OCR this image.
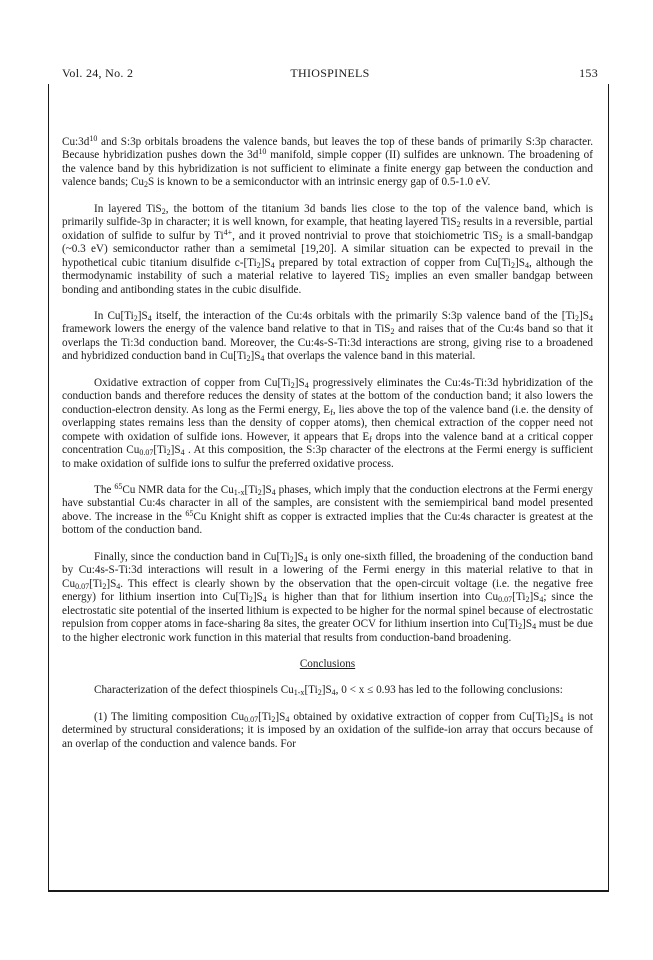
Vol. 24, No. 2	THIOSPINELS	153

$Cu:3d^{10}$ and S:3p orbitals broadens the valence bands, but leaves the top of these bands of primarily S:3p character. Because hybridization pushes down the $3d^{10}$ manifold, simple copper (II) sulfides are unknown. The broadening of the valence band by this hybridization is not sufficient to eliminate a finite energy gap between the conduction and valence bands; $Cu_2S$ is known to be a semiconductor with an intrinsic energy gap of 0.5-1.0 eV.

In layered TiS$_2$, the bottom of the titanium 3d bands lies close to the top of the valence band, which is primarily sulfide-3p in character; it is well known, for example, that heating layered TiS$_2$ results in a reversible, partial oxidation of sulfide to sulfur by $Ti^{4+}$, and it proved nontrivial to prove that stoichiometric TiS$_2$ is a small-bandgap (~0.3 eV) semiconductor rather than a semimetal [19,20]. A similar situation can be expected to prevail in the hypothetical cubic titanium disulfide $c-[Ti_2]S_4$ prepared by total extraction of copper from $Cu[Ti_2]S_4$, although the thermodynamic instability of such a material relative to layered TiS$_2$ implies an even smaller bandgap between bonding and antibonding states in the cubic disulfide.

In $Cu[Ti_2]S_4$ itself, the interaction of the Cu:4s orbitals with the primarily S:3p valence band of the $[Ti_2]S_4$ framework lowers the energy of the valence band relative to that in TiS$_2$ and raises that of the Cu:4s band so that it overlaps the Ti:3d conduction band. Moreover, the Cu:4s-S-Ti:3d interactions are strong, giving rise to a broadened and hybridized conduction band in $Cu[Ti_2]S_4$ that overlaps the valence band in this material.

Oxidative extraction of copper from $Cu[Ti_2]S_4$ progressively eliminates the Cu:4s-Ti:3d hybridization of the conduction bands and therefore reduces the density of states at the bottom of the conduction band; it also lowers the conduction-electron density. As long as the Fermi energy, $E_f$, lies above the top of the valence band (i.e. the density of overlapping states remains less than the density of copper atoms), then chemical extraction of the copper need not compete with oxidation of sulfide ions. However, it appears that $E_f$ drops into the valence band at a critical copper concentration $Cu_{0.07}[Ti_2]S_4$ . At this composition, the S:3p character of the electrons at the Fermi energy is sufficient to make oxidation of sulfide ions to sulfur the preferred oxidative process.

The $^{65}$Cu NMR data for the $Cu_{1-x}[Ti_2]S_4$ phases, which imply that the conduction electrons at the Fermi energy have substantial Cu:4s character in all of the samples, are consistent with the semiempirical band model presented above. The increase in the $^{65}$Cu Knight shift as copper is extracted implies that the Cu:4s character is greatest at the bottom of the conduction band.

Finally, since the conduction band in $Cu[Ti_2]S_4$ is only one-sixth filled, the broadening of the conduction band by Cu:4s-S-Ti:3d interactions will result in a lowering of the Fermi energy in this material relative to that in $Cu_{0.07}[Ti_2]S_4$. This effect is clearly shown by the observation that the open-circuit voltage (i.e. the negative free energy) for lithium insertion into $Cu[Ti_2]S_4$ is higher than that for lithium insertion into $Cu_{0.07}[Ti_2]S_4$; since the electrostatic site potential of the inserted lithium is expected to be higher for the normal spinel because of electrostatic repulsion from copper atoms in face-sharing 8a sites, the greater OCV for lithium insertion into $Cu[Ti_2]S_4$ must be due to the higher electronic work function in this material that results from conduction-band broadening.

Conclusions

Characterization of the defect thiospinels $Cu_{1-x}[Ti_2]S_4$, 0 < x ≤ 0.93 has led to the following conclusions:

(1) The limiting composition $Cu_{0.07}[Ti_2]S_4$ obtained by oxidative extraction of copper from $Cu[Ti_2]S_4$ is not determined by structural considerations; it is imposed by an oxidation of the sulfide-ion array that occurs because of an overlap of the conduction and valence bands. For
